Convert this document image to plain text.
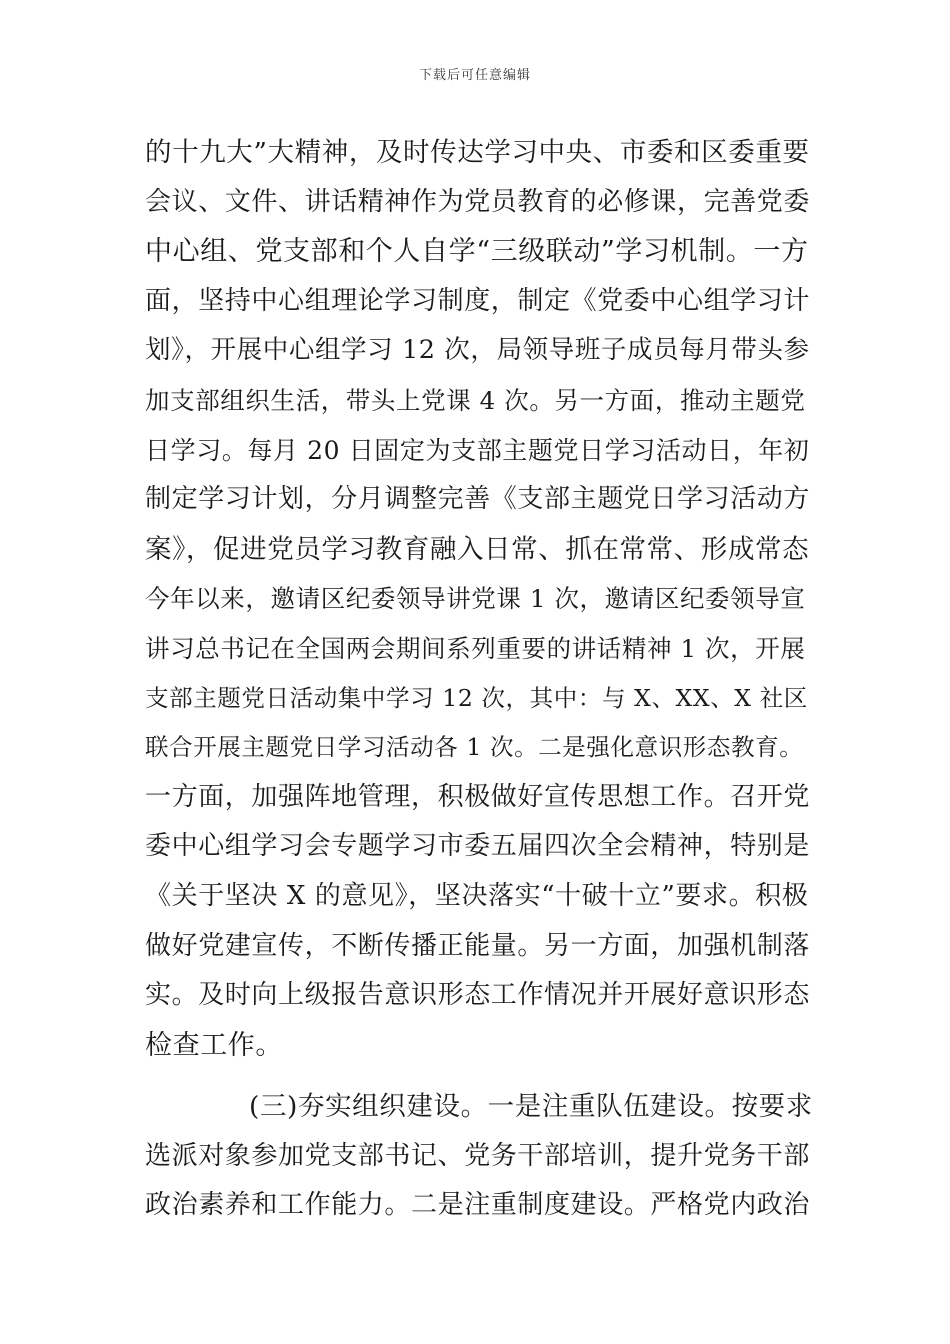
下载后可任意编辑
的十九大”大精神，及时传达学习中央、市委和区委重要
会议、文件、讲话精神作为党员教育的必修课，完善党委
中心组、党支部和个人自学“三级联动”学习机制。一方
面，坚持中心组理论学习制度，制定《党委中心组学习计
划》，开展中心组学习 12 次，局领导班子成员每月带头参
加支部组织生活，带头上党课 4 次。另一方面，推动主题党
日学习。每月 20 日固定为支部主题党日学习活动日，年初
制定学习计划，分月调整完善《支部主题党日学习活动方
案》，促进党员学习教育融入日常、抓在常常、形成常态
今年以来，邀请区纪委领导讲党课 1 次，邀请区纪委领导宣
讲习总书记在全国两会期间系列重要的讲话精神 1 次，开展
支部主题党日活动集中学习 12 次，其中：与 X、XX、X 社区
联合开展主题党日学习活动各 1 次。二是强化意识形态教育。
一方面，加强阵地管理，积极做好宣传思想工作。召开党
委中心组学习会专题学习市委五届四次全会精神，特别是
《关于坚决 X 的意见》，坚决落实“十破十立”要求。积极
做好党建宣传，不断传播正能量。另一方面，加强机制落
实。及时向上级报告意识形态工作情况并开展好意识形态
检查工作。
(三)夯实组织建设。一是注重队伍建设。按要求
选派对象参加党支部书记、党务干部培训，提升党务干部
政治素养和工作能力。二是注重制度建设。严格党内政治
